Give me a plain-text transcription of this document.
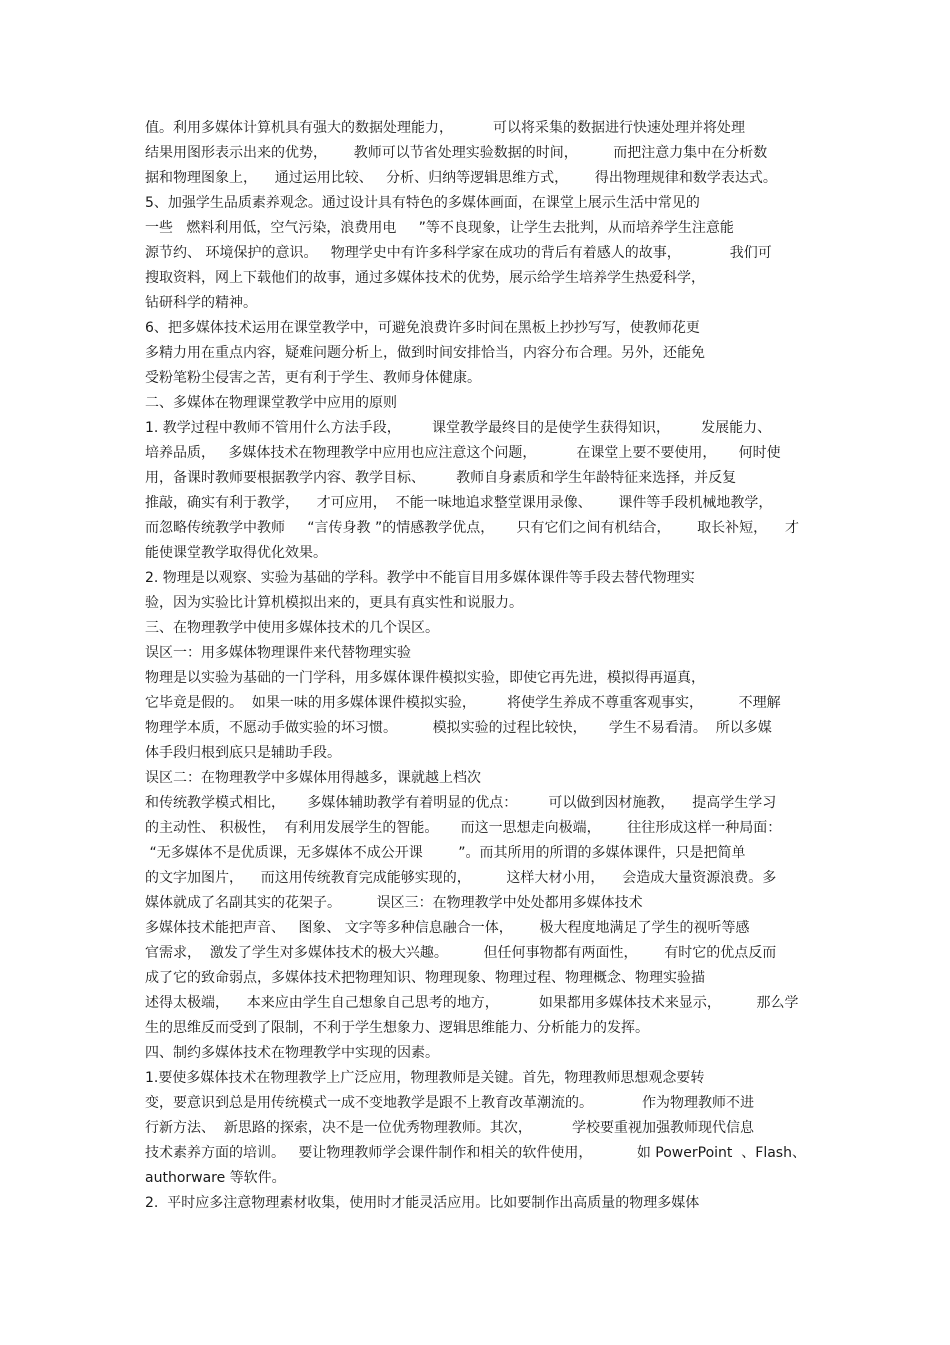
值。利用多媒体计算机具有强大的数据处理能力，         可以将采集的数据进行快速处理并将处理
结果用图形表示出来的优势，      教师可以节省处理实验数据的时间，        而把注意力集中在分析数
据和物理图象上，    通过运用比较、   分析、归纳等逻辑思维方式，      得出物理规律和数学表达式。
5、加强学生品质素养观念。通过设计具有特色的多媒体画面，在课堂上展示生活中常见的
一些   燃料利用低，空气污染，浪费用电     ”等不良现象，让学生去批判，从而培养学生注意能
源节约、 环境保护的意识。   物理学史中有许多科学家在成功的背后有着感人的故事，           我们可
搜取资料，网上下载他们的故事，通过多媒体技术的优势，展示给学生培养学生热爱科学，
钻研科学的精神。
6、把多媒体技术运用在课堂教学中，可避免浪费许多时间在黑板上抄抄写写，使教师花更
多精力用在重点内容，疑难问题分析上，做到时间安排恰当，内容分布合理。另外，还能免
受粉笔粉尘侵害之苦，更有利于学生、教师身体健康。
二、多媒体在物理课堂教学中应用的原则
1. 教学过程中教师不管用什么方法手段，       课堂教学最终目的是使学生获得知识，       发展能力、
培养品质，   多媒体技术在物理教学中应用也应注意这个问题，         在课堂上要不要使用，     何时使
用，备课时教师要根据教学内容、教学目标、       教师自身素质和学生年龄特征来选择，并反复
推敲，确实有利于教学，    才可应用，  不能一味地追求整堂课用录像、      课件等手段机械地教学，
而忽略传统教学中教师     “言传身教 ”的情感教学优点，     只有它们之间有机结合，      取长补短，    才
能使课堂教学取得优化效果。
2. 物理是以观察、实验为基础的学科。教学中不能盲目用多媒体课件等手段去替代物理实
验，因为实验比计算机模拟出来的，更具有真实性和说服力。
三、在物理教学中使用多媒体技术的几个误区。
误区一：用多媒体物理课件来代替物理实验
物理是以实验为基础的一门学科，用多媒体课件模拟实验，即使它再先进，模拟得再逼真，
它毕竟是假的。  如果一味的用多媒体课件模拟实验，       将使学生养成不尊重客观事实，        不理解
物理学本质，不愿动手做实验的坏习惯。        模拟实验的过程比较快，     学生不易看清。  所以多媒
体手段归根到底只是辅助手段。
误区二：在物理教学中多媒体用得越多，课就越上档次
和传统教学模式相比，     多媒体辅助教学有着明显的优点：       可以做到因材施教，    提高学生学习
的主动性、 积极性，  有利用发展学生的智能。     而这一思想走向极端，      往往形成这样一种局面：
“无多媒体不是优质课，无多媒体不成公开课        ”。而其所用的所谓的多媒体课件，只是把简单
的文字加图片，    而这用传统教育完成能够实现的，        这样大材小用，    会造成大量资源浪费。多
媒体就成了名副其实的花架子。        误区三：在物理教学中处处都用多媒体技术
多媒体技术能把声音、   图象、 文字等多种信息融合一体，      极大程度地满足了学生的视听等感
官需求，  激发了学生对多媒体技术的极大兴趣。        但任何事物都有两面性，      有时它的优点反而
成了它的致命弱点，多媒体技术把物理知识、物理现象、物理过程、物理概念、物理实验描
述得太极端，    本来应由学生自己想象自己思考的地方，         如果都用多媒体技术来显示，        那么学
生的思维反而受到了限制，不利于学生想象力、逻辑思维能力、分析能力的发挥。
四、制约多媒体技术在物理教学中实现的因素。
1.要使多媒体技术在物理教学上广泛应用，物理教师是关键。首先，物理教师思想观念要转
变，要意识到总是用传统模式一成不变地教学是跟不上教育改革潮流的。           作为物理教师不进
行新方法、  新思路的探索，决不是一位优秀物理教师。其次，         学校要重视加强教师现代信息
技术素养方面的培训。   要让物理教师学会课件制作和相关的软件使用，          如 PowerPoint  、Flash、
authorware 等软件。
2.  平时应多注意物理素材收集，使用时才能灵活应用。比如要制作出高质量的物理多媒体
